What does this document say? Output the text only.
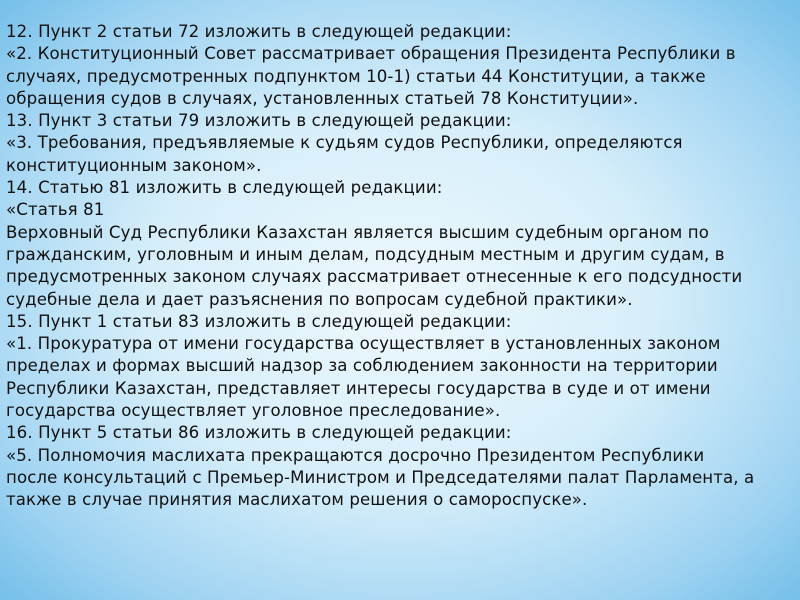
12. Пункт 2 статьи 72 изложить в следующей редакции:
«2. Конституционный Совет рассматривает обращения Президента Республики в
случаях, предусмотренных подпунктом 10-1) статьи 44 Конституции, а также
обращения судов в случаях, установленных статьей 78 Конституции».
13. Пункт 3 статьи 79 изложить в следующей редакции:
«3. Требования, предъявляемые к судьям судов Республики, определяются
конституционным законом».
14. Статью 81 изложить в следующей редакции:
«Статья 81
Верховный Суд Республики Казахстан является высшим судебным органом по
гражданским, уголовным и иным делам, подсудным местным и другим судам, в
предусмотренных законом случаях рассматривает отнесенные к его подсудности
судебные дела и дает разъяснения по вопросам судебной практики».
15. Пункт 1 статьи 83 изложить в следующей редакции:
«1. Прокуратура от имени государства осуществляет в установленных законом
пределах и формах высший надзор за соблюдением законности на территории
Республики Казахстан, представляет интересы государства в суде и от имени
государства осуществляет уголовное преследование».
16. Пункт 5 статьи 86 изложить в следующей редакции:
«5. Полномочия маслихата прекращаются досрочно Президентом Республики
после консультаций с Премьер-Министром и Председателями палат Парламента, а
также в случае принятия маслихатом решения о самороспуске».
